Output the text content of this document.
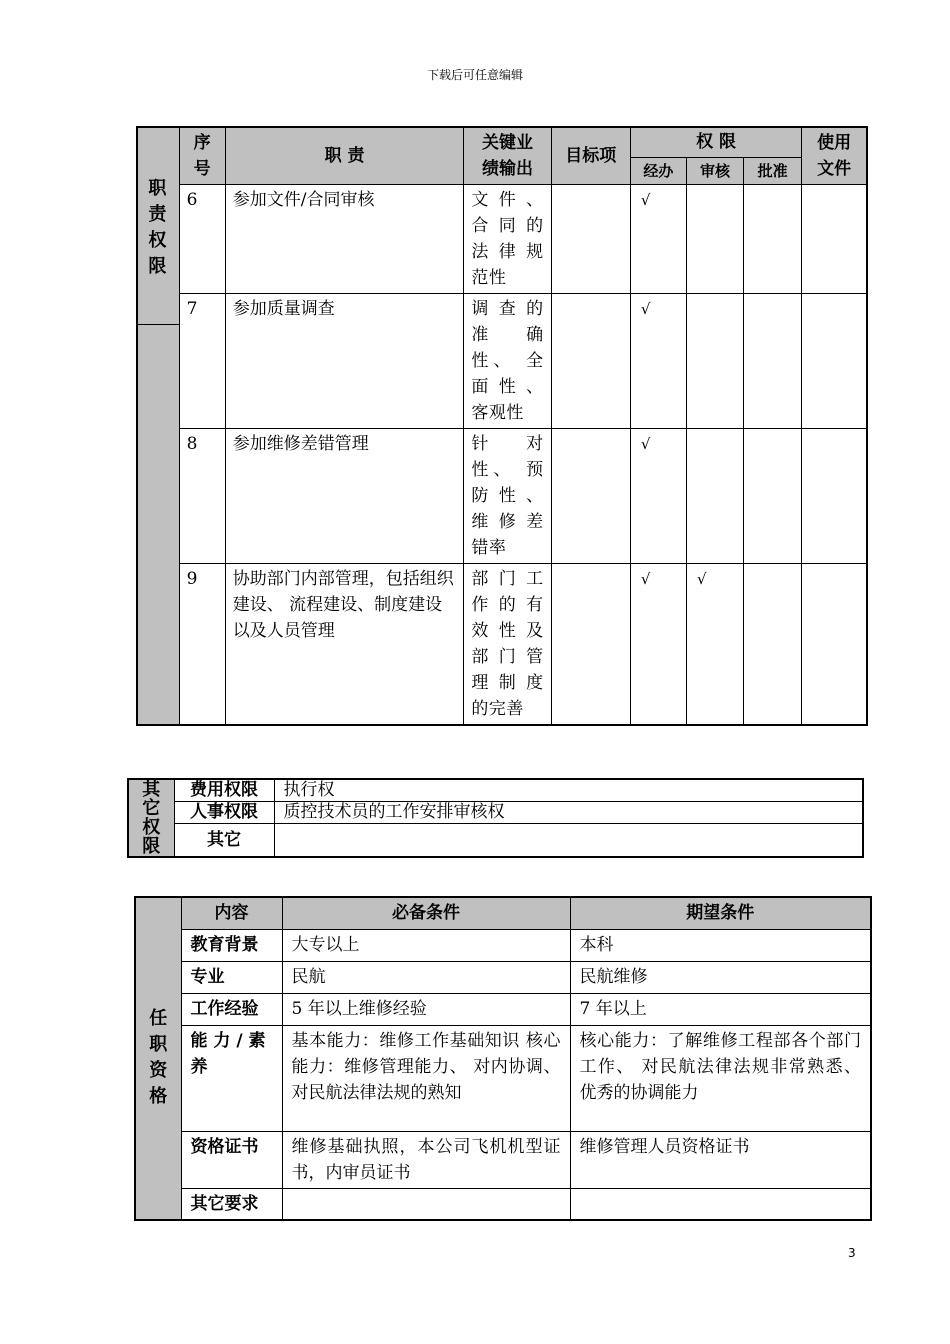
下载后可任意编辑
职责权限	序号	职 责	关键业绩输出	目标项	权 限			使用文件

					经办	审核	批准	
	6	参加文件/合同审核	文 件 、合 同 的法 律 规范性		√			
	7	参加质量调查	调 查 的准 确性、 全面 性 、客观性		√			
	8	参加维修差错管理	针 对性、 预防 性 、维 修 差错率		√			
	9	协助部门内部管理，包括组织建设、 流程建设、制度建设以及人员管理	部 门 工作 的 有效 性 及部 门 管理 制 度的完善		√	√		
其它权限	费用权限	执行权
	人事权限	质控技术员的工作安排审核权
	其它	
任职资格	内容	必备条件	期望条件
	教育背景	大专以上	本科
	专业	民航	民航维修
	工作经验	5 年以上维修经验	7 年以上
	能 力 / 素 养	基本能力：维修工作基础知识 核心能力：维修管理能力、 对内协调、 对民航法律法规的熟知	核心能力：了解维修工程部各个部门工作、 对民航法律法规非常熟悉、 优秀的协调能力
	资格证书	维修基础执照，本公司飞机机型证书，内审员证书	维修管理人员资格证书
	其它要求		
3
